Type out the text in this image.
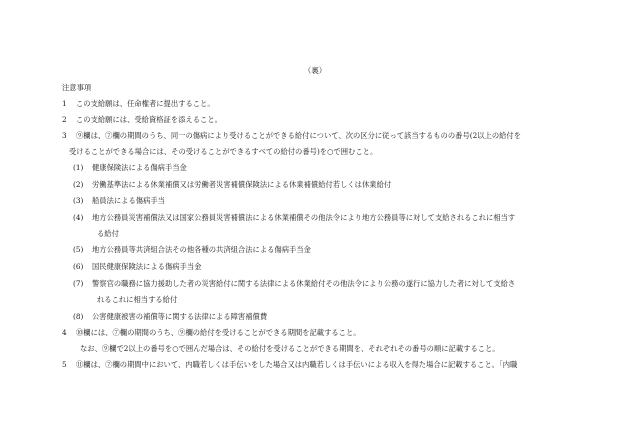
（裏）
注意事項
1 この支給願は、任命権者に提出すること。
2 この支給願には、受給資格証を添えること。
3 ⑨欄は、⑦欄の期間のうち、同一の傷病により受けることができる給付について、次の区分に従って該当するものの番号(2以上の給付を
受けることができる場合には、その受けることができるすべての給付の番号)を○で囲むこと。
(1) 健康保険法による傷病手当金
(2) 労働基準法による休業補償又は労働者災害補償保険法による休業補償給付若しくは休業給付
(3) 船員法による傷病手当
(4) 地方公務員災害補償法又は国家公務員災害補償法による休業補償その他法令により地方公務員等に対して支給されるこれに相当す
る給付
(5) 地方公務員等共済組合法その他各種の共済組合法による傷病手当金
(6) 国民健康保険法による傷病手当金
(7) 警察官の職務に協力援助した者の災害給付に関する法律による休業給付その他法令により公務の遂行に協力した者に対して支給さ
れるこれに相当する給付
(8) 公害健康被害の補償等に関する法律による障害補償費
4 ⑩欄には、⑦欄の期間のうち、⑨欄の給付を受けることができる期間を記載すること。
なお、⑨欄で2以上の番号を○で囲んだ場合は、その給付を受けることができる期間を、それぞれその番号の順に記載すること。
5 ⑪欄は、⑦欄の期間中において、内職若しくは手伝いをした場合又は内職若しくは手伝いによる収入を得た場合に記載すること。｢内職
